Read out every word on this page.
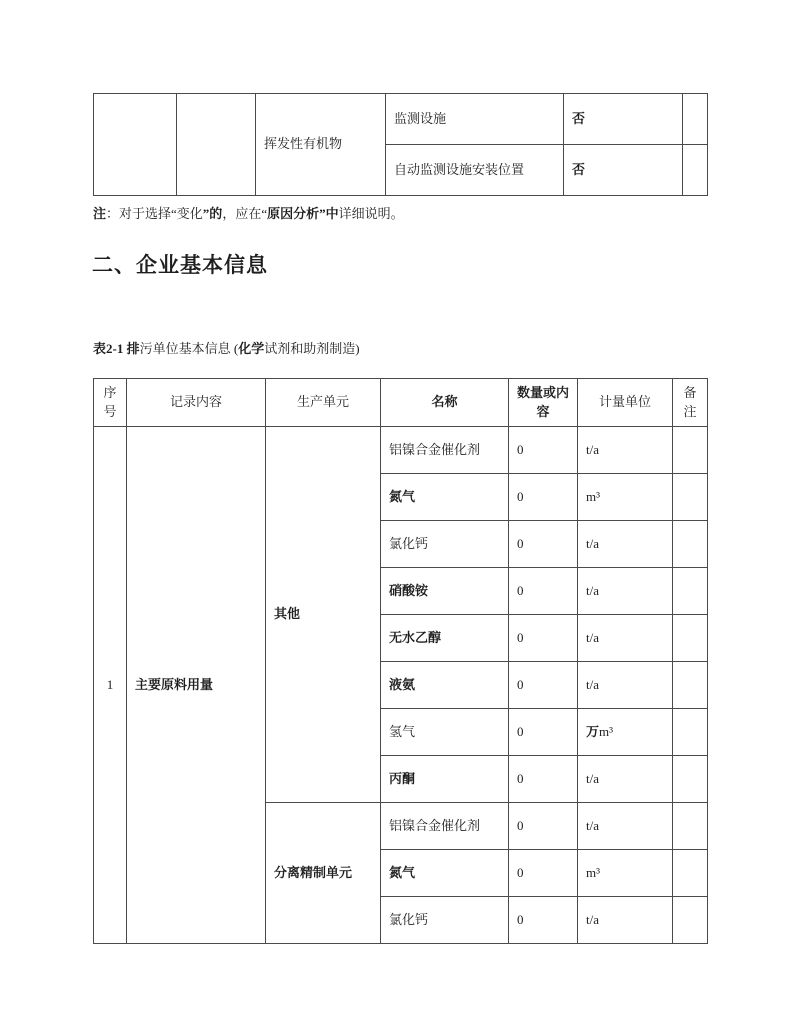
		挥发性有机物	监测设施	否	
			自动监测设施安装位置	否	
注：对于选择“变化”的，应在“原因分析”中详细说明。
二、企业基本信息
表2-1 排污单位基本信息 (化学试剂和助剂制造)
序号	记录内容	生产单元	名称	数量或内容	计量单位	备注
1	主要原料用量	其他	铝镍合金催化剂	0	t/a	
			氮气	0	m³	
			氯化钙	0	t/a	
			硝酸铵	0	t/a	
			无水乙醇	0	t/a	
			液氨	0	t/a	
			氢气	0	万m³	
			丙酮	0	t/a	
		分离精制单元	铝镍合金催化剂	0	t/a	
			氮气	0	m³	
			氯化钙	0	t/a	
